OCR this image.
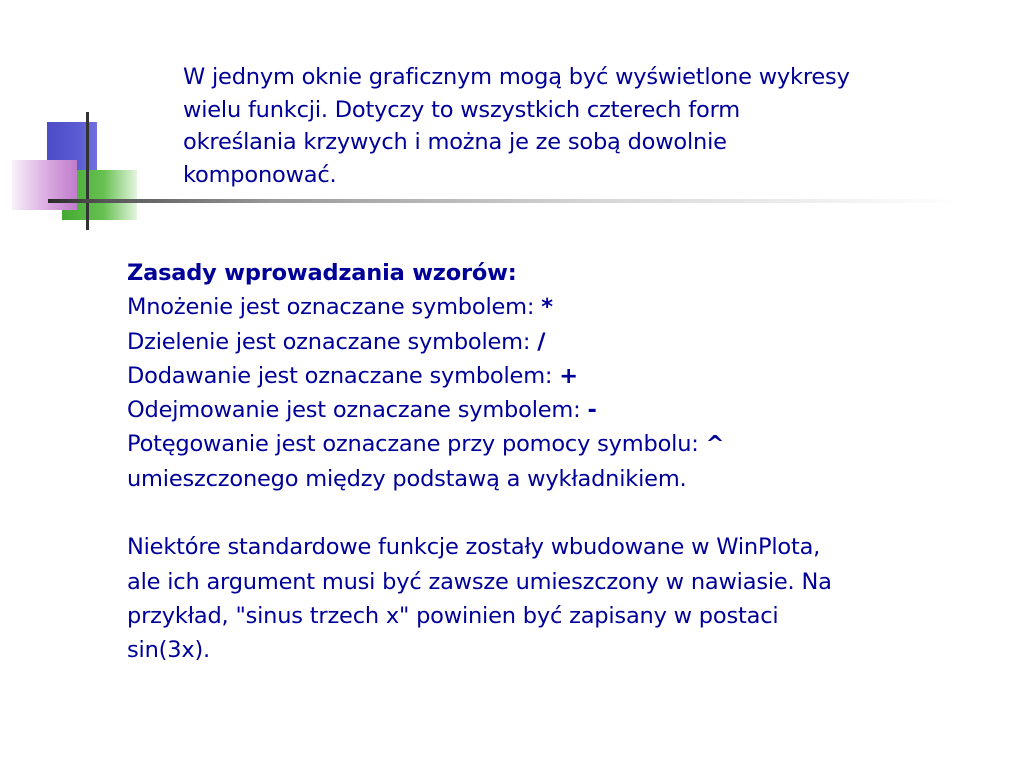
W jednym oknie graficznym mogą być wyświetlone wykresy
wielu funkcji. Dotyczy to wszystkich czterech form
określania krzywych i można je ze sobą dowolnie
komponować.

Zasady wprowadzania wzorów:

Mnożenie jest oznaczane symbolem: *

Dzielenie jest oznaczane symbolem: /

Dodawanie jest oznaczane symbolem: +

Odejmowanie jest oznaczane symbolem: -

Potęgowanie jest oznaczane przy pomocy symbolu: ^

umieszczonego między podstawą a wykładnikiem.

Niektóre standardowe funkcje zostały wbudowane w WinPlota,
ale ich argument musi być zawsze umieszczony w nawiasie. Na
przykład, "sinus trzech x" powinien być zapisany w postaci
sin(3x).
